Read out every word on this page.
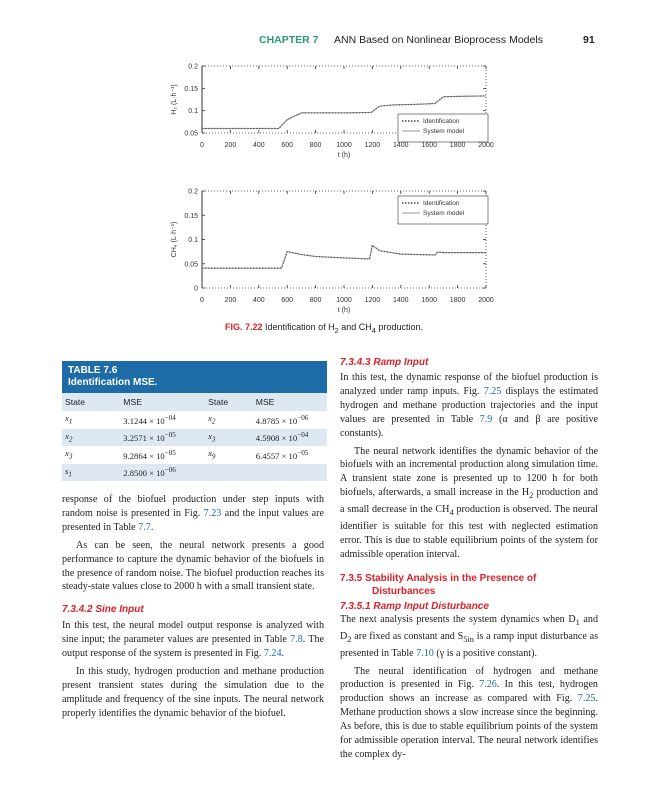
CHAPTER 7 ANN Based on Nonlinear Bioprocess Models	91
0	200 400 600 800 1000 1200 1400 1600 1800 2000
0.05
0.1
0.15
0.2
t (h)
H₂ (L·h⁻¹)
Identification
System model
0	200 400 600 800 1000 1200 1400 1600 1800 2000
0
0.05
0.1
0.15
0.2
t (h)
CH₄ (L·h⁻¹)
Identification
System model
FIG. 7.22 Identification of $H_2$ and $CH_4$ production.
TABLE 7.6
Identification MSE.
State	MSE	State	MSE
$x_1$	$3.1244 \times 10^{-04}$	$x_2$	$4.8785 \times 10^{-06}$
$x_2$	$3.2571 \times 10^{-05}$	$x_3$	$4.5908 \times 10^{-04}$
$x_3$	$9.2864 \times 10^{-05}$	$x_9$	$6.4557 \times 10^{-05}$
$s_1$	$2.8500 \times 10^{-06}$		

response of the biofuel production under step inputs with random noise is presented in Fig. 7.23 and the input values are presented in Table 7.7.

As can be seen, the neural network presents a good performance to capture the dynamic behavior of the biofuels in the presence of random noise. The biofuel production reaches its steady-state values close to 2000 h with a small transient state.

7.3.4.2 Sine Input

In this test, the neural model output response is analyzed with sine input; the parameter values are presented in Table 7.8. The output response of the system is presented in Fig. 7.24.

In this study, hydrogen production and methane production present transient states during the simulation due to the amplitude and frequency of the sine inputs. The neural network properly identifies the dynamic behavior of the biofuel.

7.3.4.3 Ramp Input

In this test, the dynamic response of the biofuel production is analyzed under ramp inputs. Fig. 7.25 displays the estimated hydrogen and methane production trajectories and the input values are presented in Table 7.9 (α and β are positive constants).

The neural network identifies the dynamic behavior of the biofuels with an incremental production along simulation time. A transient state zone is presented up to 1200 h for both biofuels, afterwards, a small increase in the $H_2$ production and a small decrease in the $CH_4$ production is observed. The neural identifier is suitable for this test with neglected estimation error. This is due to stable equilibrium points of the system for admissible operation interval.

7.3.5 Stability Analysis in the Presence of
Disturbances
7.3.5.1 Ramp Input Disturbance

The next analysis presents the system dynamics when $D_1$ and $D_2$ are fixed as constant and $S_{5in}$ is a ramp input disturbance as presented in Table 7.10 (γ is a positive constant).

The neural identification of hydrogen and methane production is presented in Fig. 7.26. In this test, hydrogen production shows an increase as compared with Fig. 7.25. Methane production shows a slow increase since the beginning. As before, this is due to stable equilibrium points of the system for admissible operation interval. The neural network identifies the complex dy-
